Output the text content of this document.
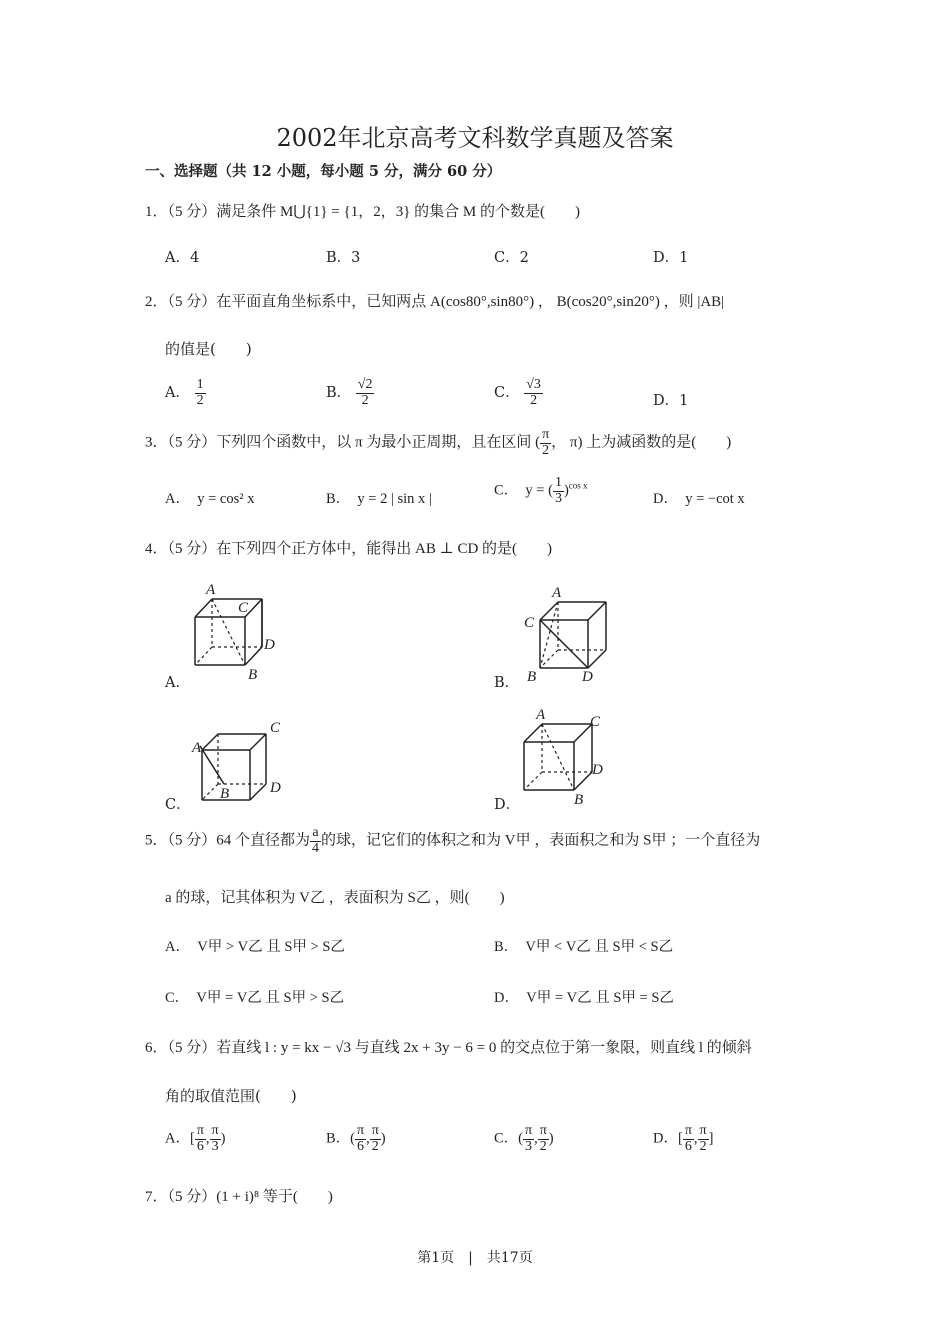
2002年北京高考文科数学真题及答案
一、选择题（共 12 小题，每小题 5 分，满分 60 分）
1．（5 分）满足条件 M⋃{1} = {1，2，3} 的集合 M 的个数是(　　)
A．4	B．3	C．2	D．1
2．（5 分）在平面直角坐标系中，已知两点 A(cos80°,sin80°) ， B(cos20°,sin20°) ，则 |AB|
的值是(　　)
A． $\frac{1}{2}$	B． $\frac{√2}{2}$	C． $\frac{√3}{2}$	D．1
3．（5 分）下列四个函数中，以 π 为最小正周期，且在区间 ( $\frac{\pi}{2}$ ， π) 上为减函数的是(　　)
A．　y = cos² x	B．　y = 2 | sin x |
C．　y = ( $\frac{1}{3} )^{cos x}$
D．　y = −cot x
4．（5 分）在下列四个正方体中，能得出 AB ⊥ CD 的是(　　)
A．	B．
C．	D．
A
B
C
D
A
B
C
D
A
B
C
D
A
B
C
D
5．（5 分）64 个直径都为 $\frac{a}{4}$ 的球，记它们的体积之和为 V甲 ，表面积之和为 S甲 ；一个直径为
a 的球，记其体积为 V乙 ，表面积为 S乙 ，则(　　)
A．　V甲 > V乙 且 S甲 > S乙	B．　V甲 < V乙 且 S甲 < S乙
C．　V甲 = V乙 且 S甲 > S乙	D．　V甲 = V乙 且 S甲 = S乙
6．（5 分）若直线 l : y = kx − √3 与直线 2x + 3y − 6 = 0 的交点位于第一象限，则直线 l 的倾斜
角的取值范围(　　)
A．[ $\frac{\pi}{6}$ , $\frac{\pi}{3}$ )	B．( $\frac{\pi}{6}$ , $\frac{\pi}{2}$ )	C．( $\frac{\pi}{3}$ , $\frac{\pi}{2}$ )	D．[ $\frac{\pi}{6}$ , $\frac{\pi}{2}$ ]
7．（5 分）(1 + i)⁸ 等于(　　)
第1页　|　共17页
